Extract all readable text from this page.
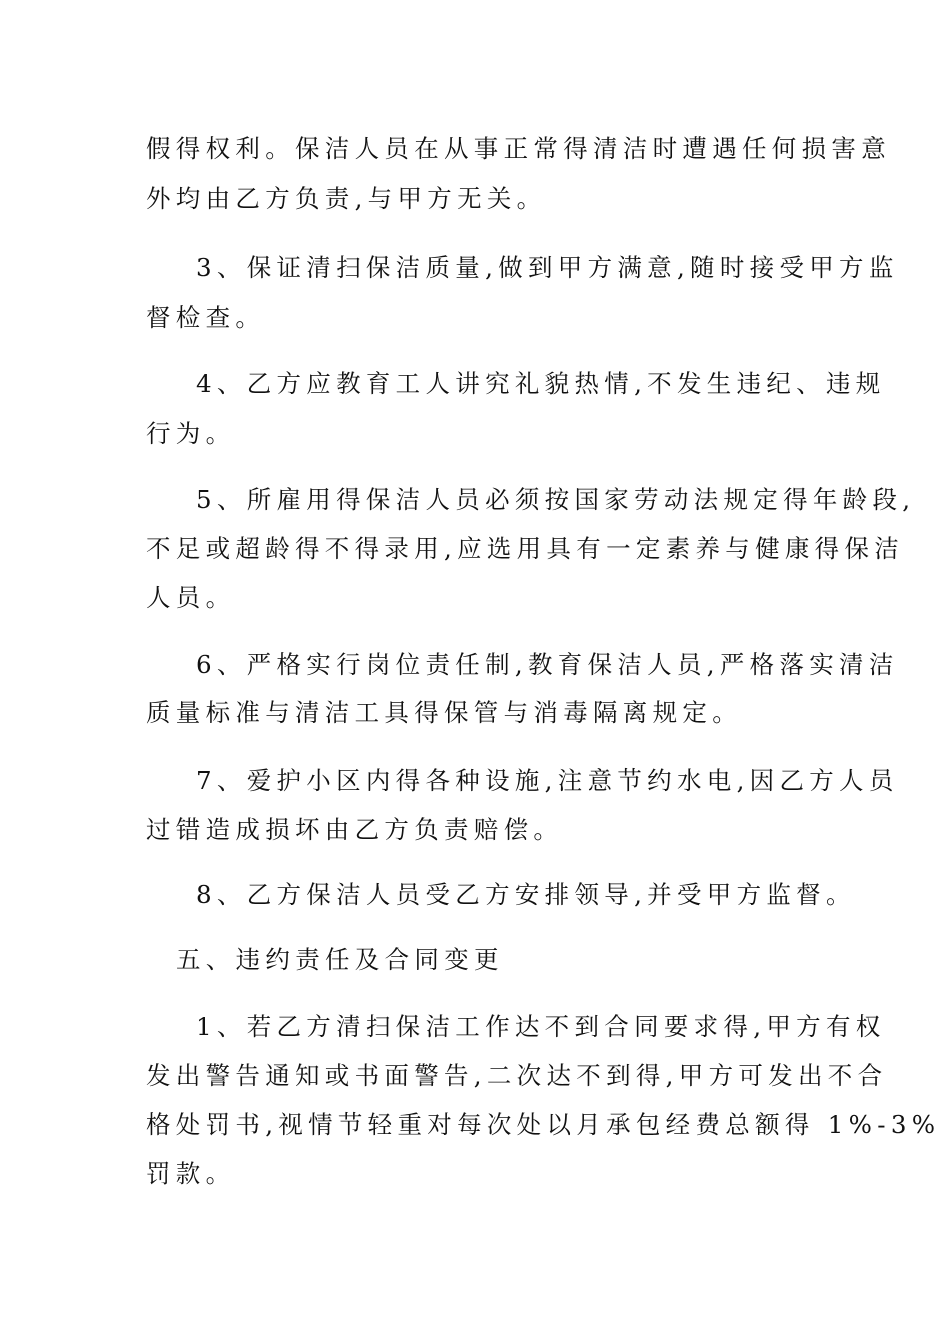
假得权利。保洁人员在从事正常得清洁时遭遇任何损害意
外均由乙方负责,与甲方无关。
3、保证清扫保洁质量,做到甲方满意,随时接受甲方监
督检查。
4、乙方应教育工人讲究礼貌热情,不发生违纪、违规
行为。
5、所雇用得保洁人员必须按国家劳动法规定得年龄段,
不足或超龄得不得录用,应选用具有一定素养与健康得保洁
人员。
6、严格实行岗位责任制,教育保洁人员,严格落实清洁
质量标准与清洁工具得保管与消毒隔离规定。
7、爱护小区内得各种设施,注意节约水电,因乙方人员
过错造成损坏由乙方负责赔偿。
8、乙方保洁人员受乙方安排领导,并受甲方监督。
五、违约责任及合同变更
1、若乙方清扫保洁工作达不到合同要求得,甲方有权
发出警告通知或书面警告,二次达不到得,甲方可发出不合
格处罚书,视情节轻重对每次处以月承包经费总额得 1%-3%
罚款。
